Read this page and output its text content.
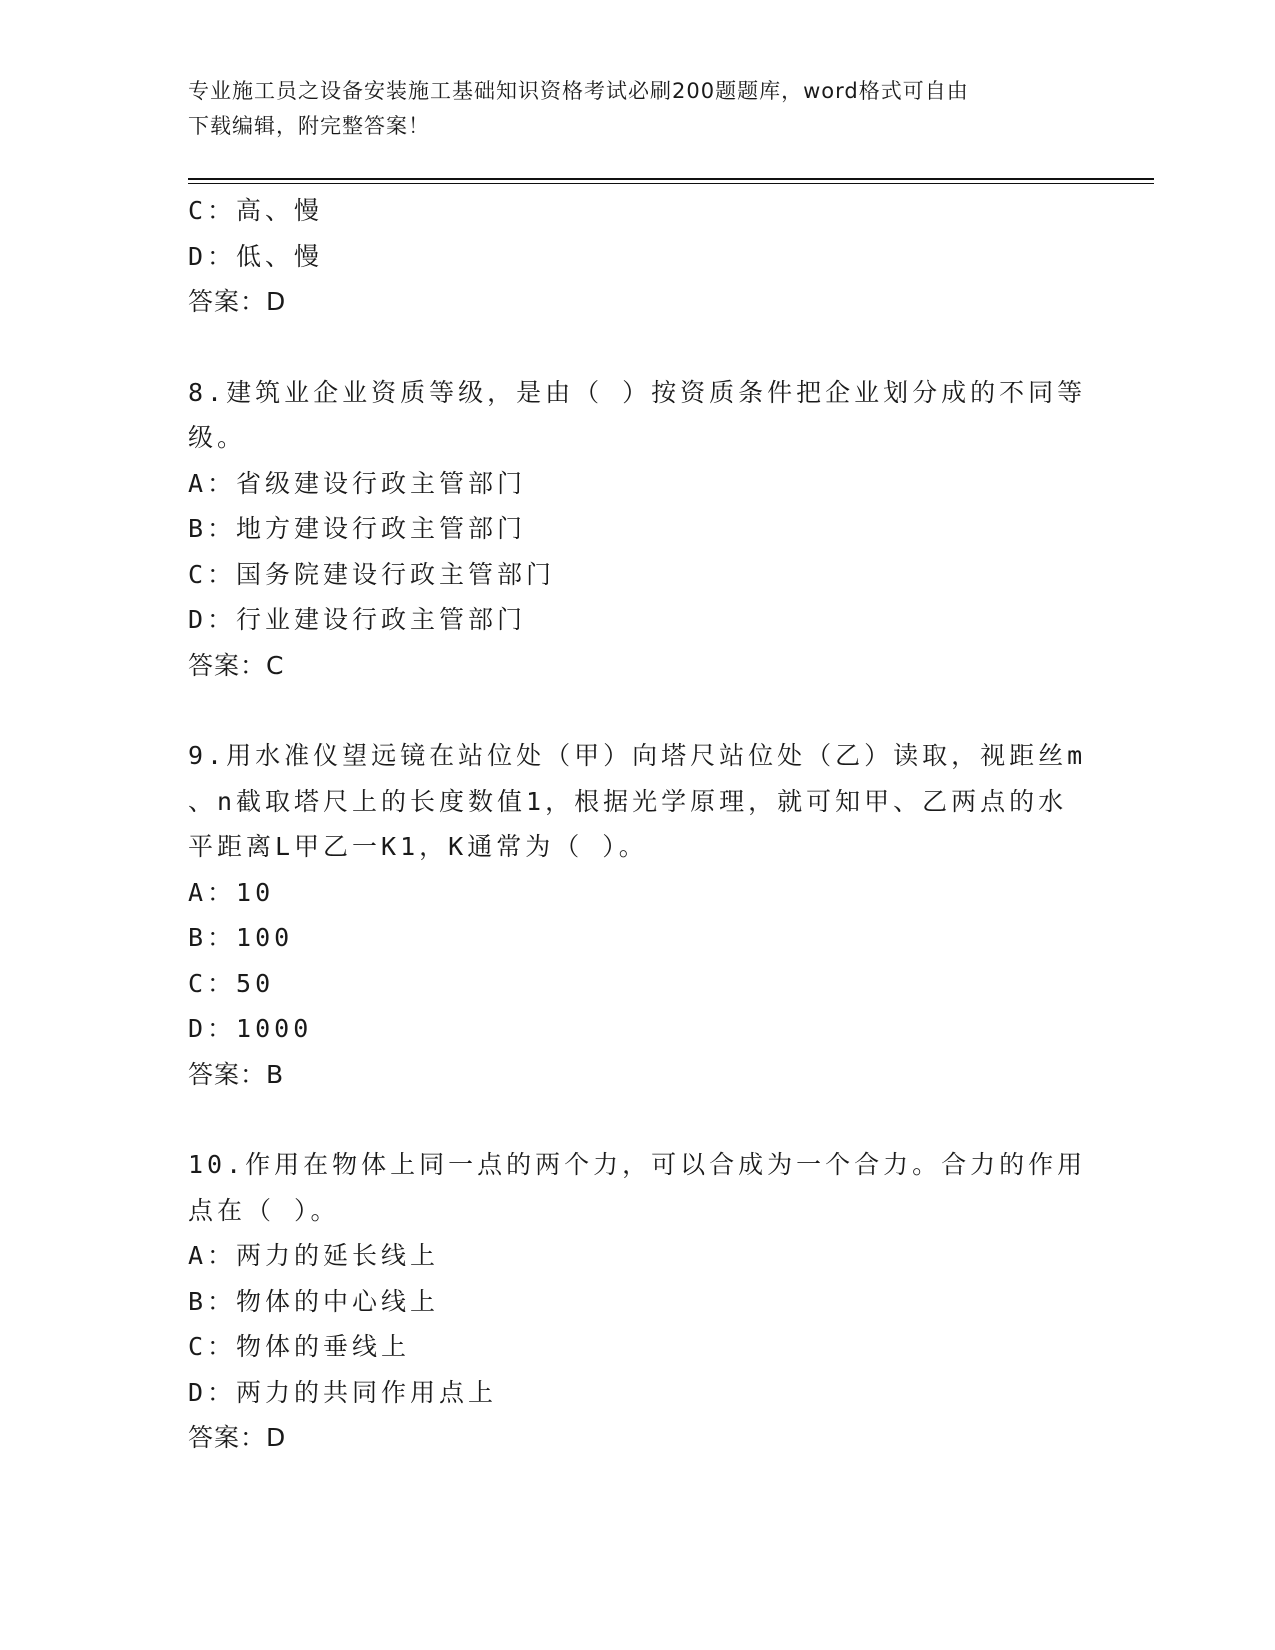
专业施工员之设备安装施工基础知识资格考试必刷200题题库，word格式可自由
下载编辑，附完整答案！
C：高、慢
D：低、慢
答案：D
8.建筑业企业资质等级，是由（ ）按资质条件把企业划分成的不同等
级。
A：省级建设行政主管部门
B：地方建设行政主管部门
C：国务院建设行政主管部门
D：行业建设行政主管部门
答案：C
9.用水准仪望远镜在站位处（甲）向塔尺站位处（乙）读取，视距丝m
、n截取塔尺上的长度数值1，根据光学原理，就可知甲、乙两点的水
平距离L甲乙一K1，K通常为（ ）。
A：10
B：100
C：50
D：1000
答案：B
10.作用在物体上同一点的两个力，可以合成为一个合力。合力的作用
点在（ ）。
A：两力的延长线上
B：物体的中心线上
C：物体的垂线上
D：两力的共同作用点上
答案：D
